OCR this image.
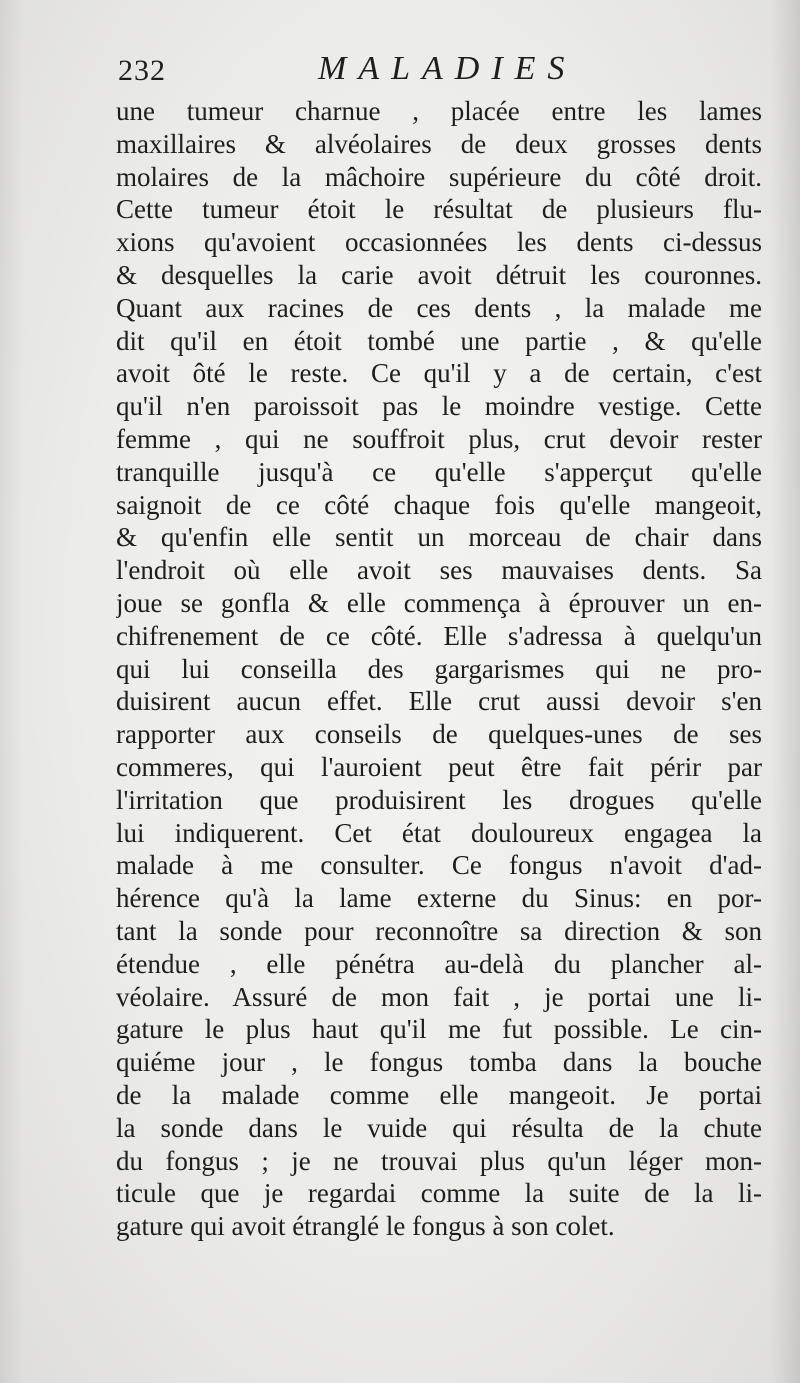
232	MALADIES
une tumeur charnue , placée entre les lames
maxillaires & alvéolaires de deux grosses dents
molaires de la mâchoire supérieure du côté droit.
Cette tumeur étoit le résultat de plusieurs flu-
xions qu'avoient occasionnées les dents ci-dessus
& desquelles la carie avoit détruit les couronnes.
Quant aux racines de ces dents , la malade me
dit qu'il en étoit tombé une partie , & qu'elle
avoit ôté le reste. Ce qu'il y a de certain, c'est
qu'il n'en paroissoit pas le moindre vestige. Cette
femme , qui ne souffroit plus, crut devoir rester
tranquille jusqu'à ce qu'elle s'apperçut qu'elle
saignoit de ce côté chaque fois qu'elle mangeoit,
& qu'enfin elle sentit un morceau de chair dans
l'endroit où elle avoit ses mauvaises dents. Sa
joue se gonfla & elle commença à éprouver un en-
chifrenement de ce côté. Elle s'adressa à quelqu'un
qui lui conseilla des gargarismes qui ne pro-
duisirent aucun effet. Elle crut aussi devoir s'en
rapporter aux conseils de quelques-unes de ses
commeres, qui l'auroient peut être fait périr par
l'irritation que produisirent les drogues qu'elle
lui indiquerent. Cet état douloureux engagea la
malade à me consulter. Ce fongus n'avoit d'ad-
hérence qu'à la lame externe du Sinus: en por-
tant la sonde pour reconnoître sa direction & son
étendue , elle pénétra au-delà du plancher al-
véolaire. Assuré de mon fait , je portai une li-
gature le plus haut qu'il me fut possible. Le cin-
quiéme jour , le fongus tomba dans la bouche
de la malade comme elle mangeoit. Je portai
la sonde dans le vuide qui résulta de la chute
du fongus ; je ne trouvai plus qu'un léger mon-
ticule que je regardai comme la suite de la li-
gature qui avoit étranglé le fongus à son colet.
